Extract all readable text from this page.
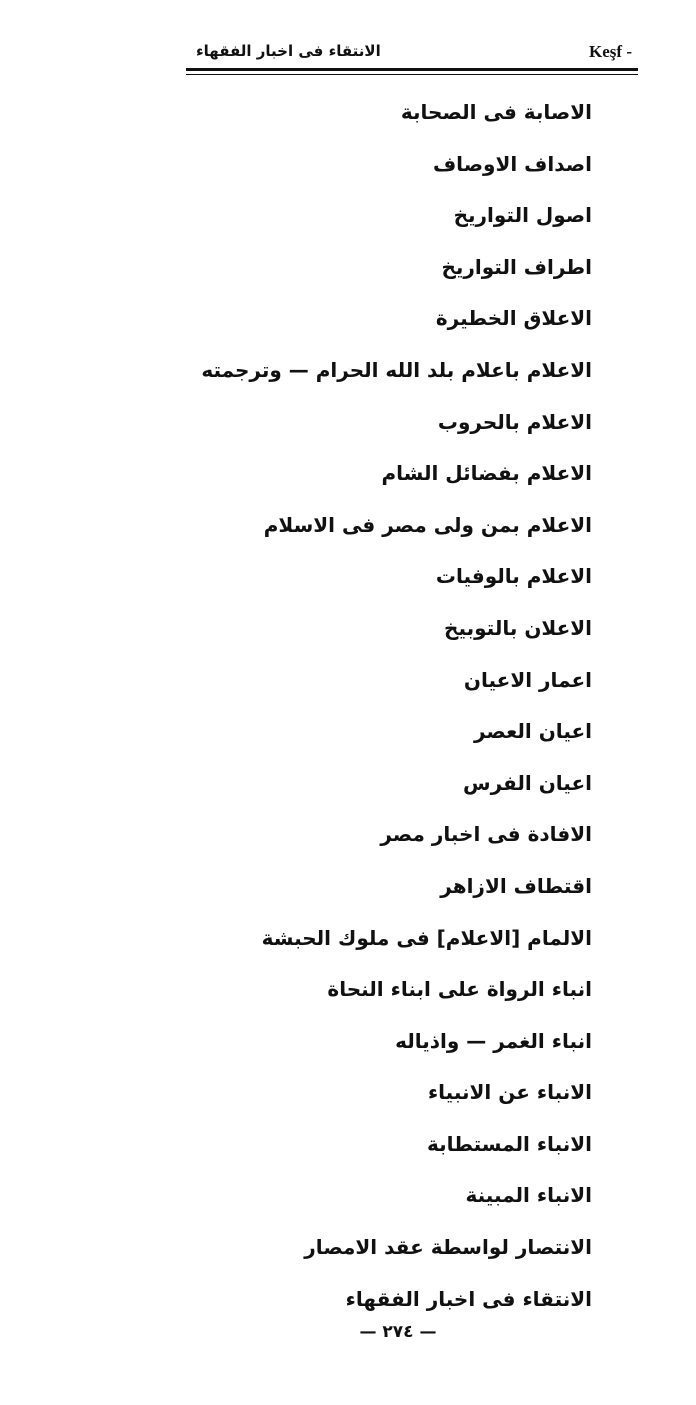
الانتقاء فى اخبار الفقهاء	Keşf -
الاصابة فى الصحابة
اصداف الاوصاف
اصول التواريخ
اطراف التواريخ
الاعلاق الخطيرة
الاعلام باعلام بلد الله الحرام — وترجمته
الاعلام بالحروب
الاعلام بفضائل الشام
الاعلام بمن ولى مصر فى الاسلام
الاعلام بالوفيات
الاعلان بالتوبيخ
اعمار الاعيان
اعيان العصر
اعيان الفرس
الافادة فى اخبار مصر
اقتطاف الازاهر
الالمام [الاعلام] فى ملوك الحبشة
انباء الرواة على ابناء النحاة
انباء الغمر — واذياله
الانباء عن الانبياء
الانباء المستطابة
الانباء المبينة
الانتصار لواسطة عقد الامصار
الانتقاء فى اخبار الفقهاء
— ٢٧٤ —
